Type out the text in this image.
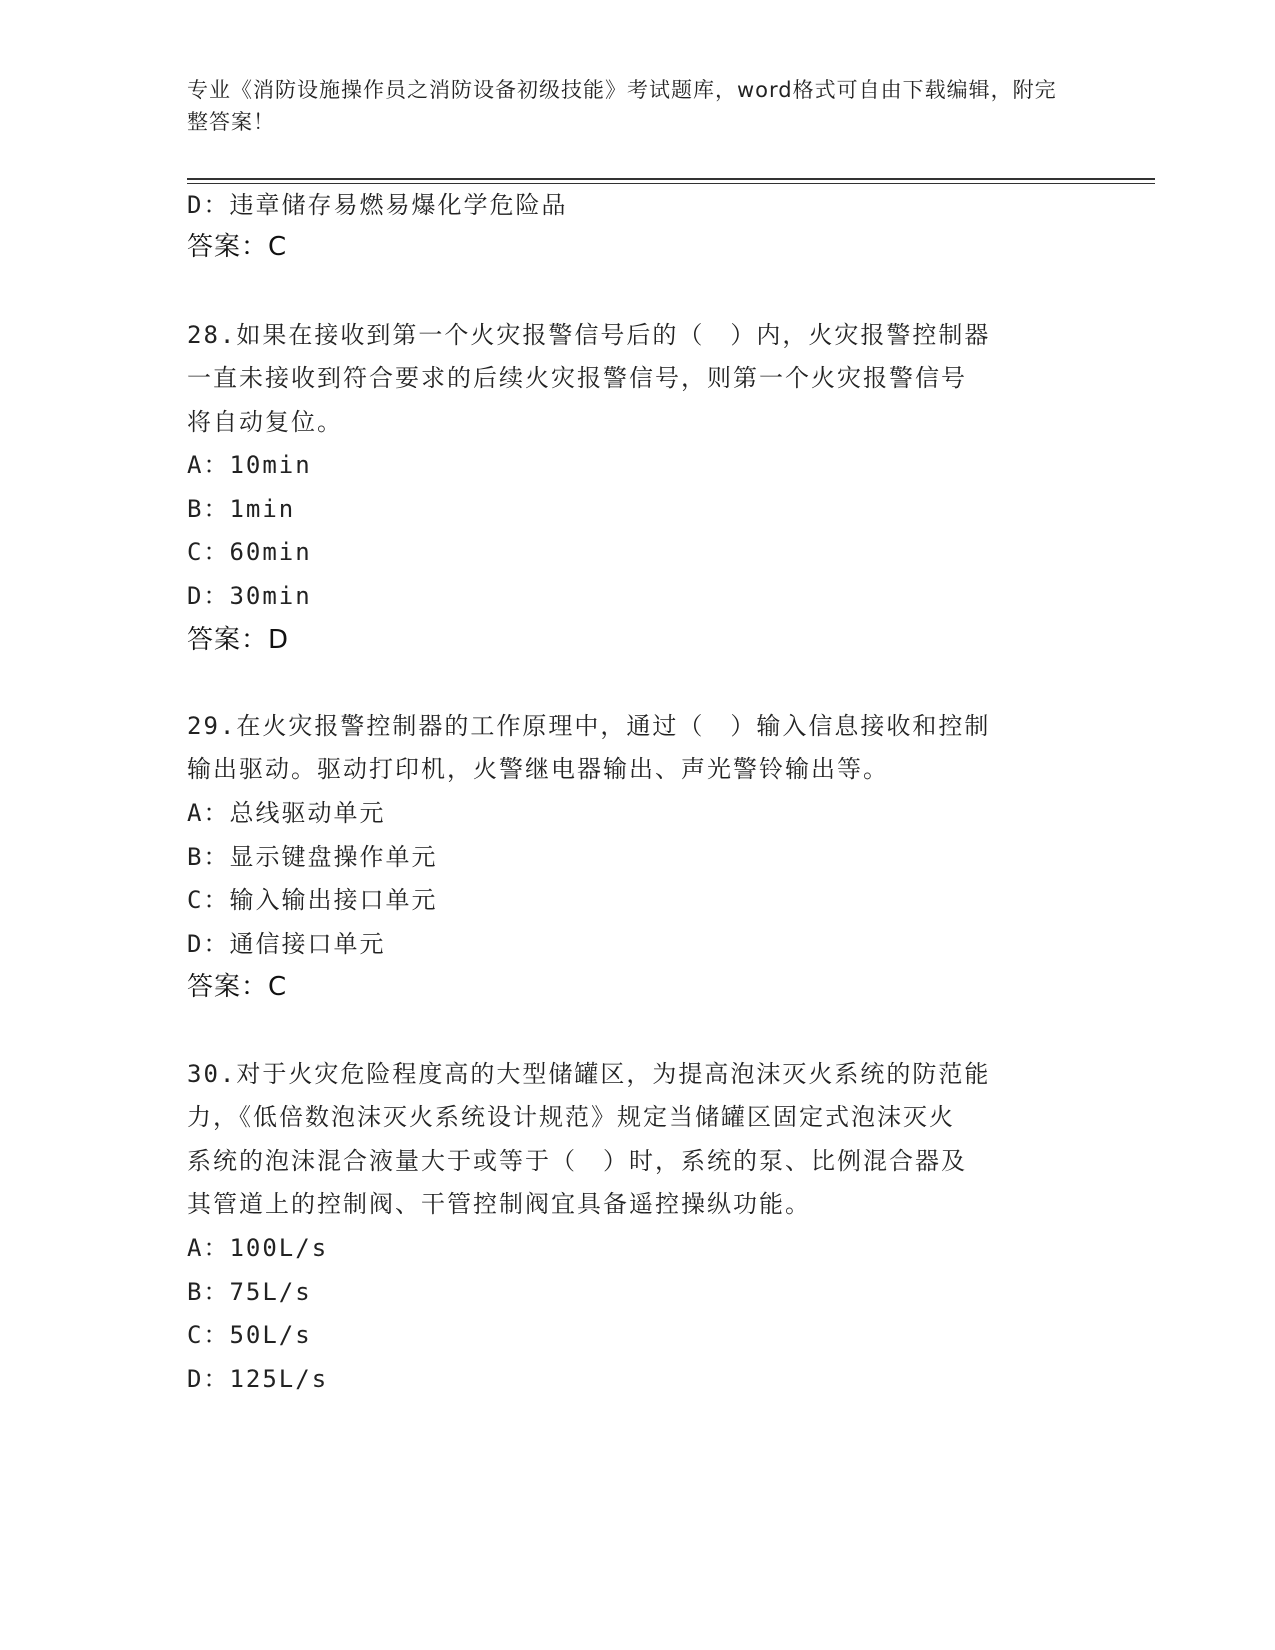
专业《消防设施操作员之消防设备初级技能》考试题库，word格式可自由下载编辑，附完整答案！
D：违章储存易燃易爆化学危险品
答案：C
28.如果在接收到第一个火灾报警信号后的（　）内，火灾报警控制器
一直未接收到符合要求的后续火灾报警信号，则第一个火灾报警信号
将自动复位。
A：10min
B：1min
C：60min
D：30min
答案：D
29.在火灾报警控制器的工作原理中，通过（　）输入信息接收和控制
输出驱动。驱动打印机，火警继电器输出、声光警铃输出等。
A：总线驱动单元
B：显示键盘操作单元
C：输入输出接口单元
D：通信接口单元
答案：C
30.对于火灾危险程度高的大型储罐区，为提高泡沫灭火系统的防范能
力，《低倍数泡沫灭火系统设计规范》规定当储罐区固定式泡沫灭火
系统的泡沫混合液量大于或等于（　）时，系统的泵、比例混合器及
其管道上的控制阀、干管控制阀宜具备遥控操纵功能。
A：100L/s
B：75L/s
C：50L/s
D：125L/s
